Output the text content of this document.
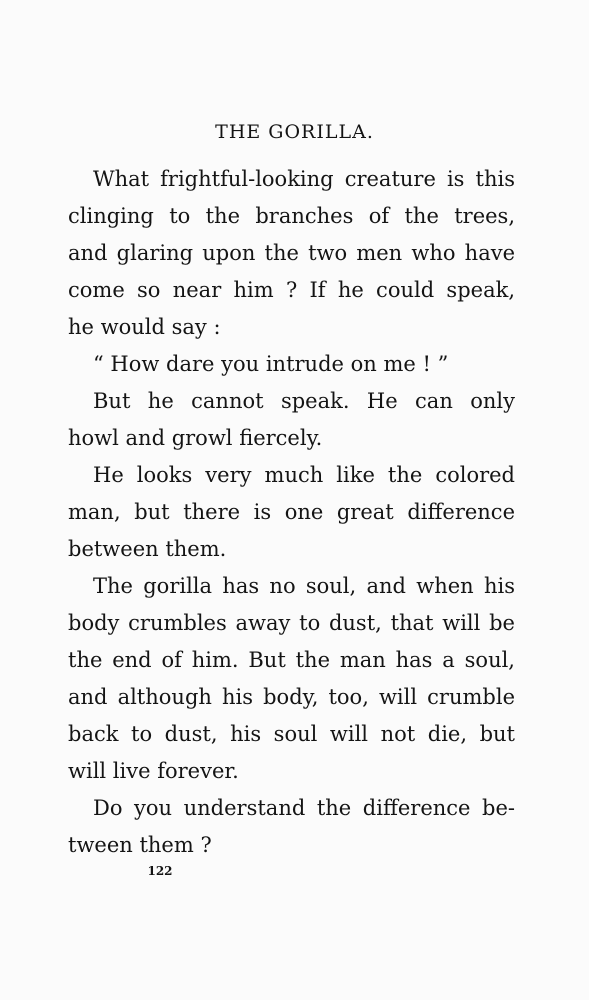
THE GORILLA.
What frightful-looking creature is this
clinging to the branches of the trees,
and glaring upon the two men who have
come so near him ? If he could speak,
he would say :
“ How dare you intrude on me ! ”
But he cannot speak. He can only
howl and growl fiercely.
He looks very much like the colored
man, but there is one great difference
between them.
The gorilla has no soul, and when his
body crumbles away to dust, that will be
the end of him. But the man has a soul,
and although his body, too, will crumble
back to dust, his soul will not die, but
will live forever.
Do you understand the difference be-
tween them ?
122
